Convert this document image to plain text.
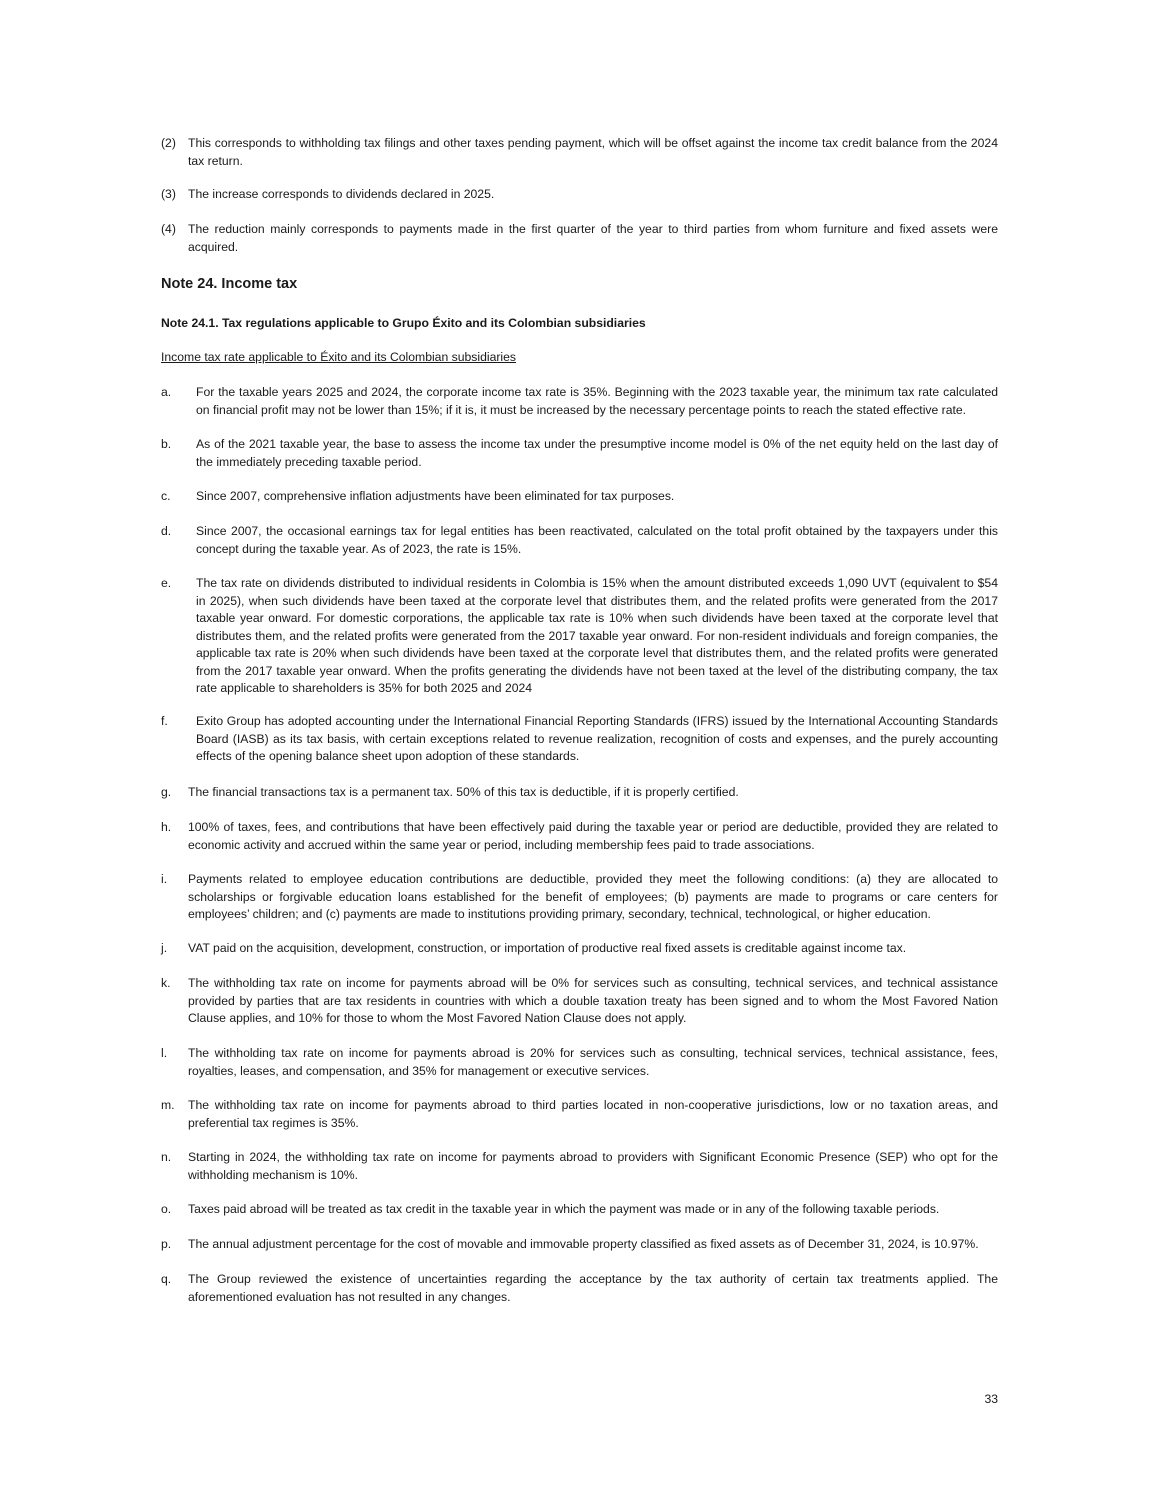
(2) This corresponds to withholding tax filings and other taxes pending payment, which will be offset against the income tax credit balance from the 2024 tax return.
(3) The increase corresponds to dividends declared in 2025.
(4) The reduction mainly corresponds to payments made in the first quarter of the year to third parties from whom furniture and fixed assets were acquired.
Note 24. Income tax
Note 24.1. Tax regulations applicable to Grupo Éxito and its Colombian subsidiaries
Income tax rate applicable to Éxito and its Colombian subsidiaries
a. For the taxable years 2025 and 2024, the corporate income tax rate is 35%. Beginning with the 2023 taxable year, the minimum tax rate calculated on financial profit may not be lower than 15%; if it is, it must be increased by the necessary percentage points to reach the stated effective rate.
b. As of the 2021 taxable year, the base to assess the income tax under the presumptive income model is 0% of the net equity held on the last day of the immediately preceding taxable period.
c. Since 2007, comprehensive inflation adjustments have been eliminated for tax purposes.
d. Since 2007, the occasional earnings tax for legal entities has been reactivated, calculated on the total profit obtained by the taxpayers under this concept during the taxable year. As of 2023, the rate is 15%.
e. The tax rate on dividends distributed to individual residents in Colombia is 15% when the amount distributed exceeds 1,090 UVT (equivalent to $54 in 2025), when such dividends have been taxed at the corporate level that distributes them, and the related profits were generated from the 2017 taxable year onward. For domestic corporations, the applicable tax rate is 10% when such dividends have been taxed at the corporate level that distributes them, and the related profits were generated from the 2017 taxable year onward. For non-resident individuals and foreign companies, the applicable tax rate is 20% when such dividends have been taxed at the corporate level that distributes them, and the related profits were generated from the 2017 taxable year onward. When the profits generating the dividends have not been taxed at the level of the distributing company, the tax rate applicable to shareholders is 35% for both 2025 and 2024
f. Exito Group has adopted accounting under the International Financial Reporting Standards (IFRS) issued by the International Accounting Standards Board (IASB) as its tax basis, with certain exceptions related to revenue realization, recognition of costs and expenses, and the purely accounting effects of the opening balance sheet upon adoption of these standards.
g. The financial transactions tax is a permanent tax. 50% of this tax is deductible, if it is properly certified.
h. 100% of taxes, fees, and contributions that have been effectively paid during the taxable year or period are deductible, provided they are related to economic activity and accrued within the same year or period, including membership fees paid to trade associations.
i. Payments related to employee education contributions are deductible, provided they meet the following conditions: (a) they are allocated to scholarships or forgivable education loans established for the benefit of employees; (b) payments are made to programs or care centers for employees’ children; and (c) payments are made to institutions providing primary, secondary, technical, technological, or higher education.
j. VAT paid on the acquisition, development, construction, or importation of productive real fixed assets is creditable against income tax.
k. The withholding tax rate on income for payments abroad will be 0% for services such as consulting, technical services, and technical assistance provided by parties that are tax residents in countries with which a double taxation treaty has been signed and to whom the Most Favored Nation Clause applies, and 10% for those to whom the Most Favored Nation Clause does not apply.
l. The withholding tax rate on income for payments abroad is 20% for services such as consulting, technical services, technical assistance, fees, royalties, leases, and compensation, and 35% for management or executive services.
m. The withholding tax rate on income for payments abroad to third parties located in non-cooperative jurisdictions, low or no taxation areas, and preferential tax regimes is 35%.
n. Starting in 2024, the withholding tax rate on income for payments abroad to providers with Significant Economic Presence (SEP) who opt for the withholding mechanism is 10%.
o. Taxes paid abroad will be treated as tax credit in the taxable year in which the payment was made or in any of the following taxable periods.
p. The annual adjustment percentage for the cost of movable and immovable property classified as fixed assets as of December 31, 2024, is 10.97%.
q. The Group reviewed the existence of uncertainties regarding the acceptance by the tax authority of certain tax treatments applied. The aforementioned evaluation has not resulted in any changes.
33
